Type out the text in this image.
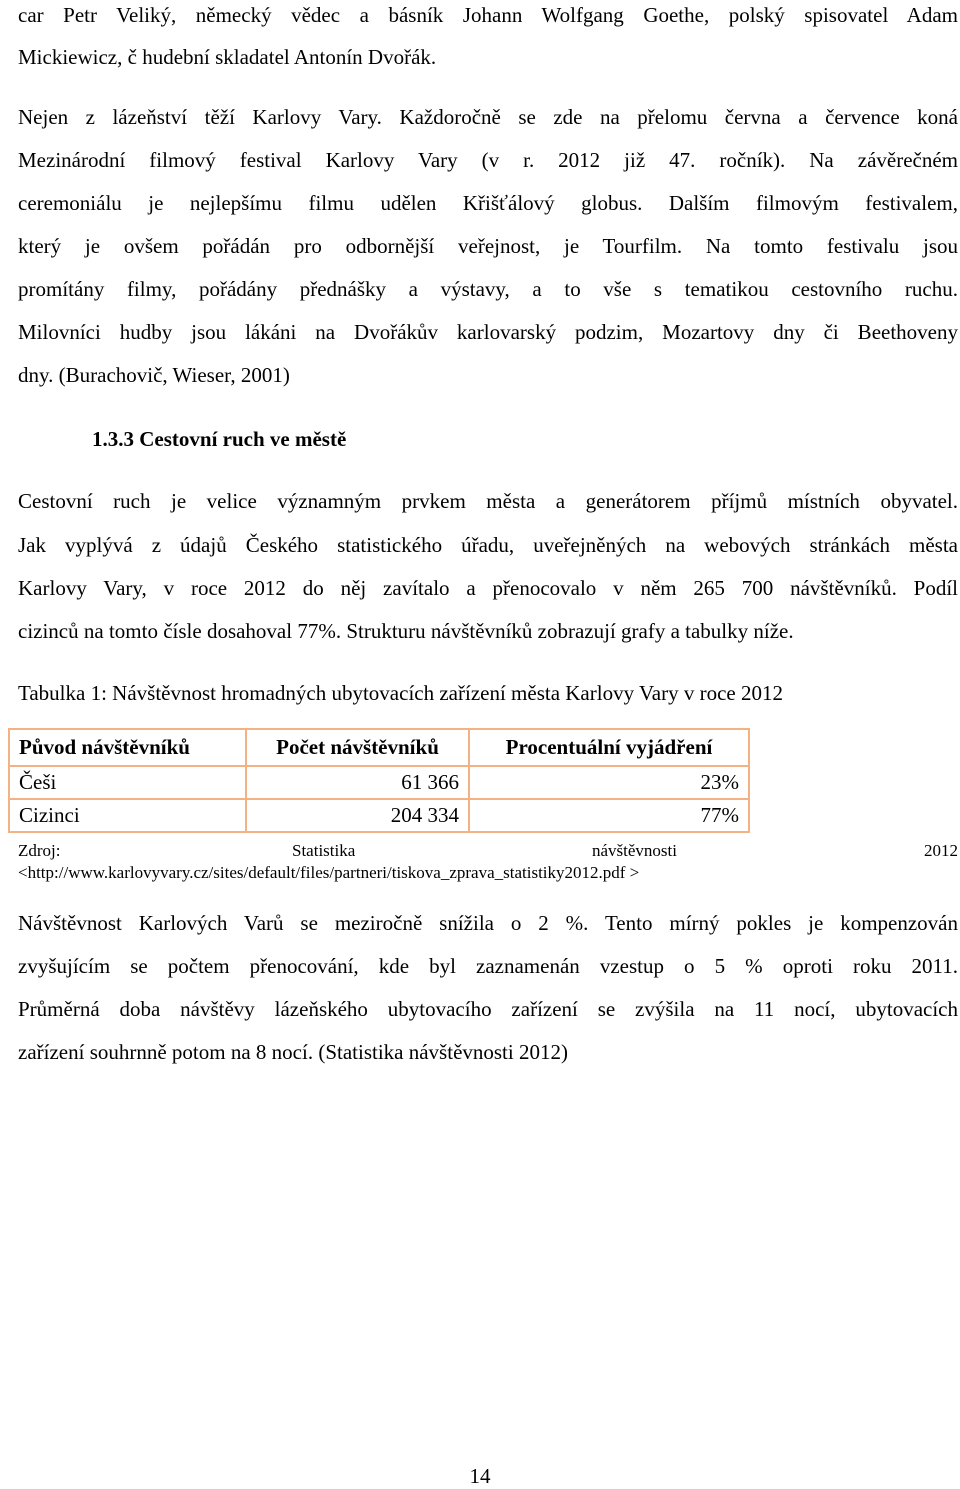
car Petr Veliký, německý vědec a básník Johann Wolfgang Goethe, polský spisovatel Adam
Mickiewicz, č hudební skladatel Antonín Dvořák.
Nejen z lázeňství těží Karlovy Vary. Každoročně se zde na přelomu června a července koná
Mezinárodní filmový festival Karlovy Vary (v r. 2012 již 47. ročník). Na závěrečném
ceremoniálu je nejlepšímu filmu udělen Křišťálový globus. Dalším filmovým festivalem,
který je ovšem pořádán pro odbornější veřejnost, je Tourfilm. Na tomto festivalu jsou
promítány filmy, pořádány přednášky a výstavy, a to vše s tematikou cestovního ruchu.
Milovníci hudby jsou lákáni na Dvořákův karlovarský podzim, Mozartovy dny či Beethoveny
dny. (Burachovič, Wieser, 2001)
1.3.3 Cestovní ruch ve městě
Cestovní ruch je velice významným prvkem města a generátorem příjmů místních obyvatel.
Jak vyplývá z údajů Českého statistického úřadu, uveřejněných na webových stránkách města
Karlovy Vary, v roce 2012 do něj zavítalo a přenocovalo v něm 265 700 návštěvníků. Podíl
cizinců na tomto čísle dosahoval 77%. Strukturu návštěvníků zobrazují grafy a tabulky níže.
Tabulka 1: Návštěvnost hromadných ubytovacích zařízení města Karlovy Vary v roce 2012
Původ návštěvníků	Počet návštěvníků	Procentuální vyjádření
Češi	61 366	23%
Cizinci	204 334	77%
Zdroj:	Statistika	návštěvnosti	2012
<http://www.karlovyvary.cz/sites/default/files/partneri/tiskova_zprava_statistiky2012.pdf >
Návštěvnost Karlových Varů se meziročně snížila o 2 %. Tento mírný pokles je kompenzován
zvyšujícím se počtem přenocování, kde byl zaznamenán vzestup o 5 % oproti roku 2011.
Průměrná doba návštěvy lázeňského ubytovacího zařízení se zvýšila na 11 nocí, ubytovacích
zařízení souhrnně potom na 8 nocí. (Statistika návštěvnosti 2012)
14
